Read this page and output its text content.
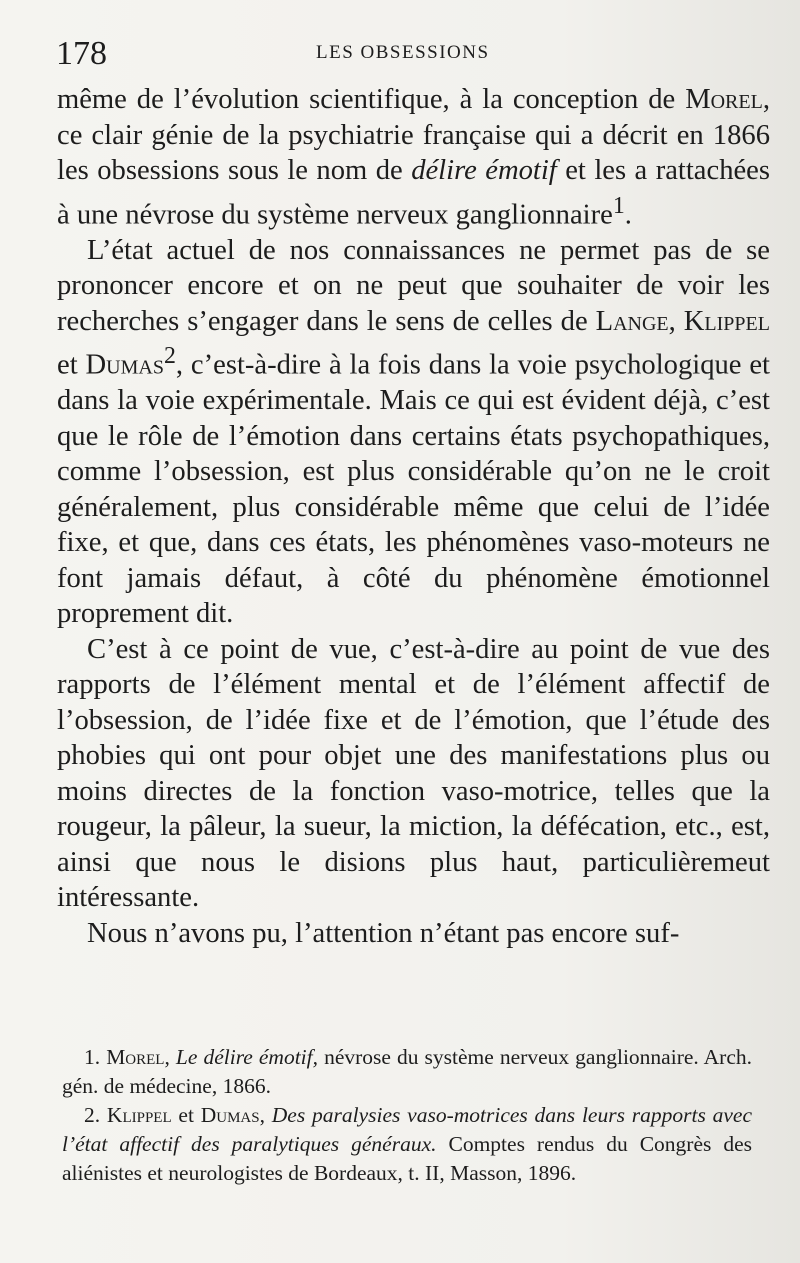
178	LES OBSESSIONS

même de l’évolution scientifique, à la conception de Morel, ce clair génie de la psychiatrie française qui a décrit en 1866 les obsessions sous le nom de délire émotif et les a rattachées à une névrose du système nerveux ganglionnaire$^1$.

L’état actuel de nos connaissances ne permet pas de se prononcer encore et on ne peut que souhaiter de voir les recherches s’engager dans le sens de celles de Lange, Klippel et Dumas$^2$, c’est-à-dire à la fois dans la voie psychologique et dans la voie expérimentale. Mais ce qui est évident déjà, c’est que le rôle de l’émotion dans certains états psychopathiques, comme l’obsession, est plus considérable qu’on ne le croit généralement, plus considérable même que celui de l’idée fixe, et que, dans ces états, les phénomènes vaso-moteurs ne font jamais défaut, à côté du phénomène émotionnel proprement dit.

C’est à ce point de vue, c’est-à-dire au point de vue des rapports de l’élément mental et de l’élément affectif de l’obsession, de l’idée fixe et de l’émotion, que l’étude des phobies qui ont pour objet une des manifestations plus ou moins directes de la fonction vaso-motrice, telles que la rougeur, la pâleur, la sueur, la miction, la défécation, etc., est, ainsi que nous le disions plus haut, particulièremeut intéressante.

Nous n’avons pu, l’attention n’étant pas encore suf-

1. Morel, Le délire émotif, névrose du système nerveux ganglionnaire. Arch. gén. de médecine, 1866.

2. Klippel et Dumas, Des paralysies vaso-motrices dans leurs rapports avec l’état affectif des paralytiques généraux. Comptes rendus du Congrès des aliénistes et neurologistes de Bordeaux, t. II, Masson, 1896.
